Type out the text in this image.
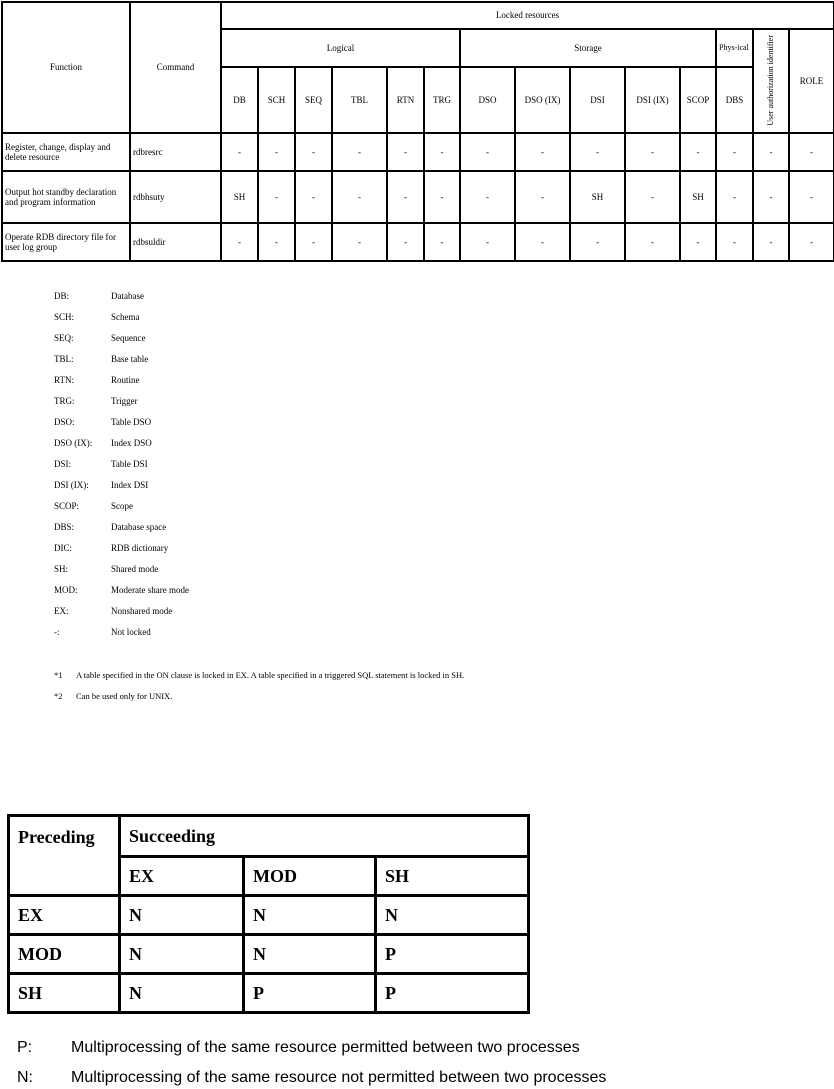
Function	Command	Locked resources													
		Logical						Storage					Phys-ical	User authorization identifier	ROLE
		DB	SCH	SEQ	TBL	RTN	TRG	DSO	DSO (IX)	DSI	DSI (IX)	SCOP	DBS		
Register, change, display and delete resource	rdbresrc	-	-	-	-	-	-	-	-	-	-	-	-	-	-
Output hot standby declaration and program information	rdbhsuty	SH	-	-	-	-	-	-	-	SH	-	SH	-	-	-
Operate RDB directory file for user log group	rdbsuldir	-	-	-	-	-	-	-	-	-	-	-	-	-	-
DB:	Database
SCH:	Schema
SEQ:	Sequence
TBL:	Base table
RTN:	Routine
TRG:	Trigger
DSO:	Table DSO
DSO (IX): Index DSO
DSI:	Table DSI
DSI (IX): Index DSI
SCOP:	Scope
DBS:	Database space
DIC:	RDB dictionary
SH:	Shared mode
MOD:	Moderate share mode
EX:	Nonshared mode
-:	Not locked
*1 A table specified in the ON clause is locked in EX. A table specified in a triggered SQL statement is locked in SH.
*2 Can be used only for UNIX.
Preceding	Succeeding		
	EX	MOD	SH
EX	N	N	N
MOD	N	N	P
SH	N	P	P
P: Multiprocessing of the same resource permitted between two processes
N: Multiprocessing of the same resource not permitted between two processes
